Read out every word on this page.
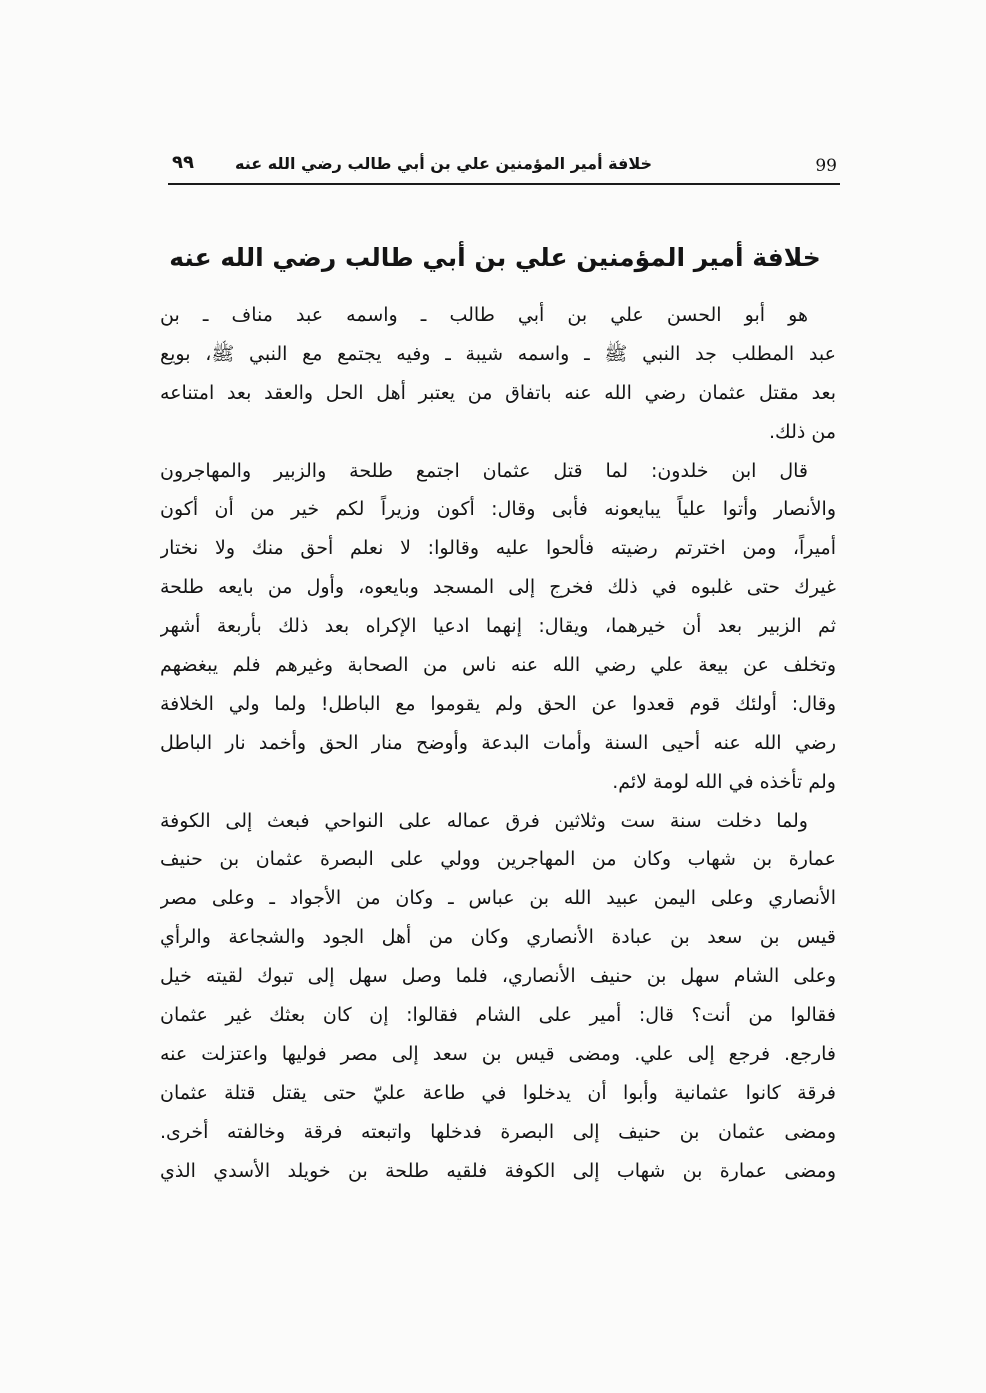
99
خلافة أمير المؤمنين علي بن أبي طالب رضي الله عنه
٩٩
خلافة أمير المؤمنين علي بن أبي طالب رضي الله عنه
هو أبو الحسن علي بن أبي طالب ـ واسمه عبد مناف ـ بن
عبد المطلب جد النبي ﷺ ـ واسمه شيبة ـ وفيه يجتمع مع النبي ﷺ، بويع
بعد مقتل عثمان رضي الله عنه باتفاق من يعتبر أهل الحل والعقد بعد امتناعه
من ذلك.
قال ابن خلدون: لما قتل عثمان اجتمع طلحة والزبير والمهاجرون
والأنصار وأتوا علياً يبايعونه فأبى وقال: أكون وزيراً لكم خير من أن أكون
أميراً، ومن اخترتم رضيته فألحوا عليه وقالوا: لا نعلم أحق منك ولا نختار
غيرك حتى غلبوه في ذلك فخرج إلى المسجد وبايعوه، وأول من بايعه طلحة
ثم الزبير بعد أن خيرهما، ويقال: إنهما ادعيا الإكراه بعد ذلك بأربعة أشهر
وتخلف عن بيعة علي رضي الله عنه ناس من الصحابة وغيرهم فلم يبغضهم
وقال: أولئك قوم قعدوا عن الحق ولم يقوموا مع الباطل! ولما ولي الخلافة
رضي الله عنه أحيى السنة وأمات البدعة وأوضح منار الحق وأخمد نار الباطل
ولم تأخذه في الله لومة لائم.
ولما دخلت سنة ست وثلاثين فرق عماله على النواحي فبعث إلى الكوفة
عمارة بن شهاب وكان من المهاجرين وولي على البصرة عثمان بن حنيف
الأنصاري وعلى اليمن عبيد الله بن عباس ـ وكان من الأجواد ـ وعلى مصر
قيس بن سعد بن عبادة الأنصاري وكان من أهل الجود والشجاعة والرأي
وعلى الشام سهل بن حنيف الأنصاري، فلما وصل سهل إلى تبوك لقيته خيل
فقالوا من أنت؟ قال: أمير على الشام فقالوا: إن كان بعثك غير عثمان
فارجع. فرجع إلى علي. ومضى قيس بن سعد إلى مصر فوليها واعتزلت عنه
فرقة كانوا عثمانية وأبوا أن يدخلوا في طاعة عليّ حتى يقتل قتلة عثمان
ومضى عثمان بن حنيف إلى البصرة فدخلها واتبعته فرقة وخالفته أخرى.
ومضى عمارة بن شهاب إلى الكوفة فلقيه طلحة بن خويلد الأسدي الذي
